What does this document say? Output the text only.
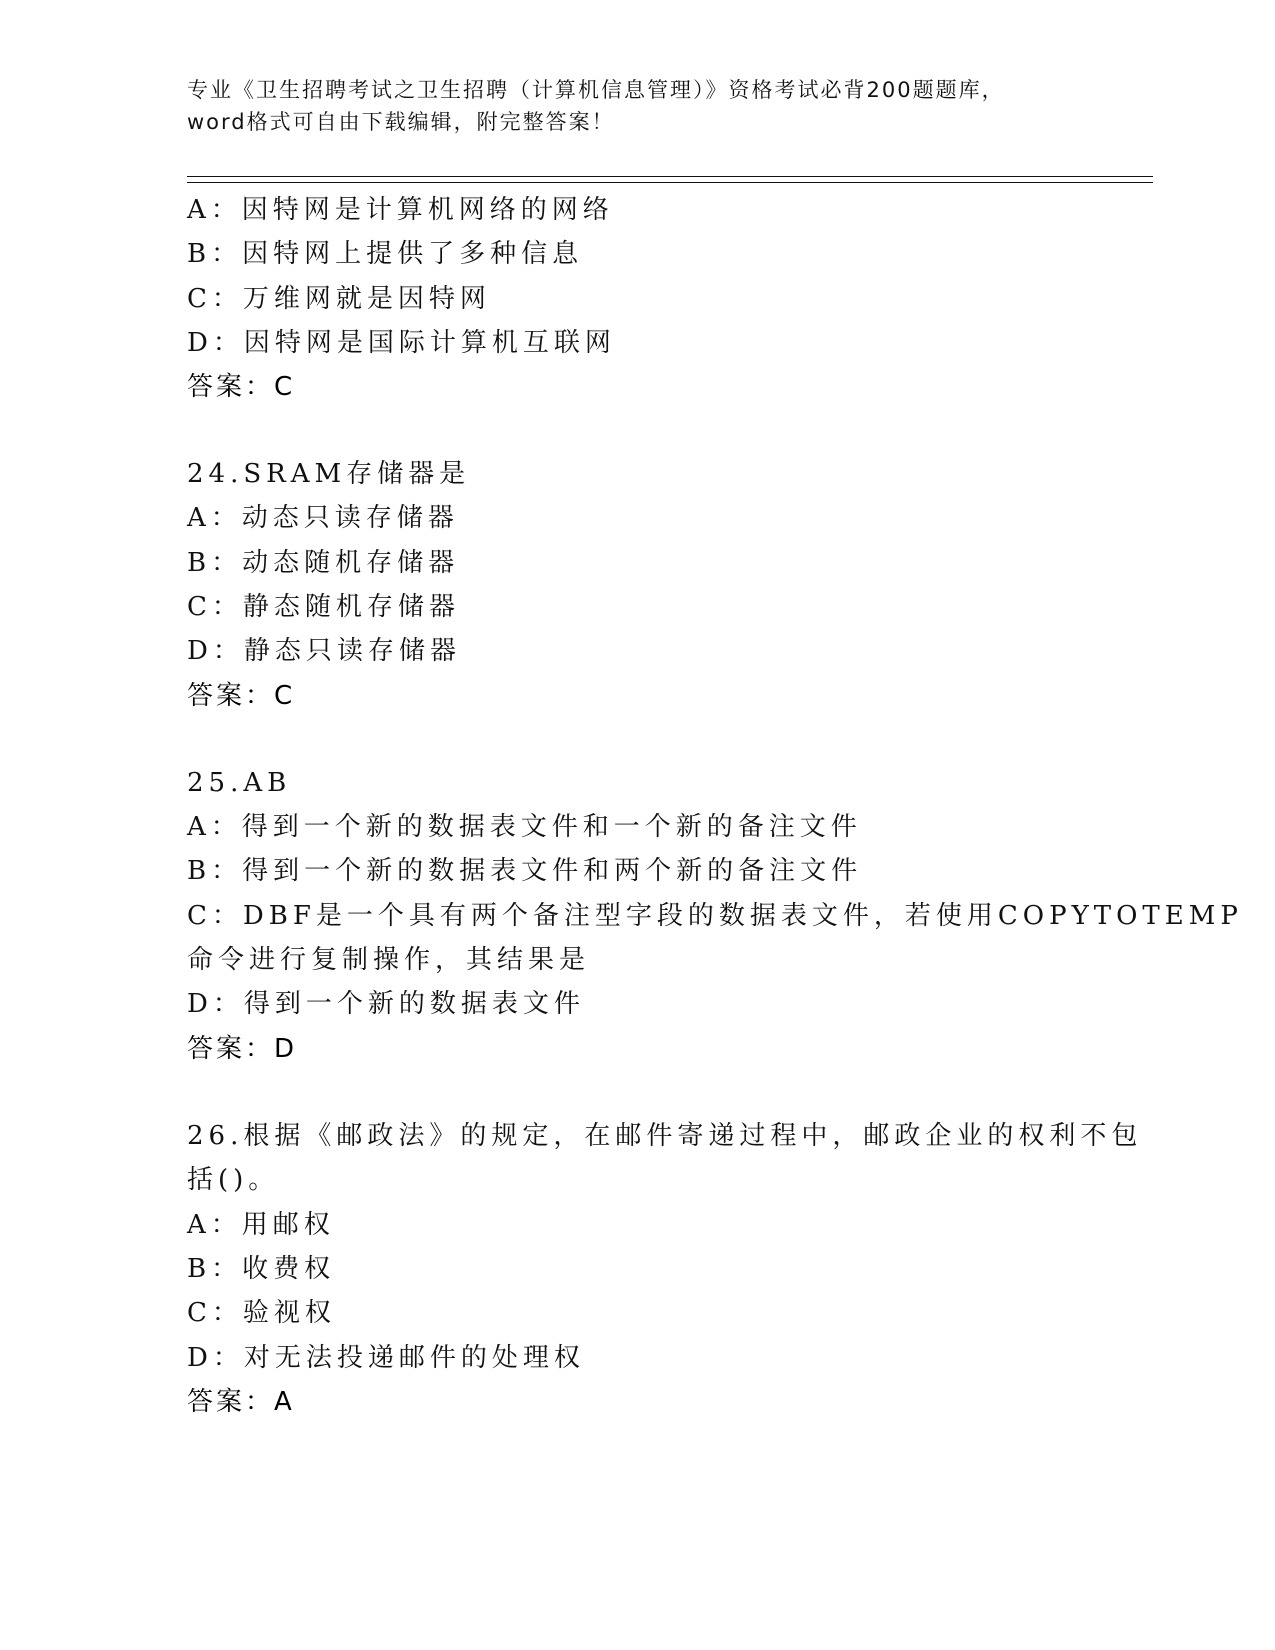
专业《卫生招聘考试之卫生招聘（计算机信息管理）》资格考试必背200题题库，
word格式可自由下载编辑，附完整答案！
A：因特网是计算机网络的网络
B：因特网上提供了多种信息
C：万维网就是因特网
D：因特网是国际计算机互联网
答案：C
24.SRAM存储器是
A：动态只读存储器
B：动态随机存储器
C：静态随机存储器
D：静态只读存储器
答案：C
25.AB
A：得到一个新的数据表文件和一个新的备注文件
B：得到一个新的数据表文件和两个新的备注文件
C：DBF是一个具有两个备注型字段的数据表文件，若使用COPYTOTEMP
命令进行复制操作，其结果是
D：得到一个新的数据表文件
答案：D
26.根据《邮政法》的规定，在邮件寄递过程中，邮政企业的权利不包
括()。
A：用邮权
B：收费权
C：验视权
D：对无法投递邮件的处理权
答案：A
